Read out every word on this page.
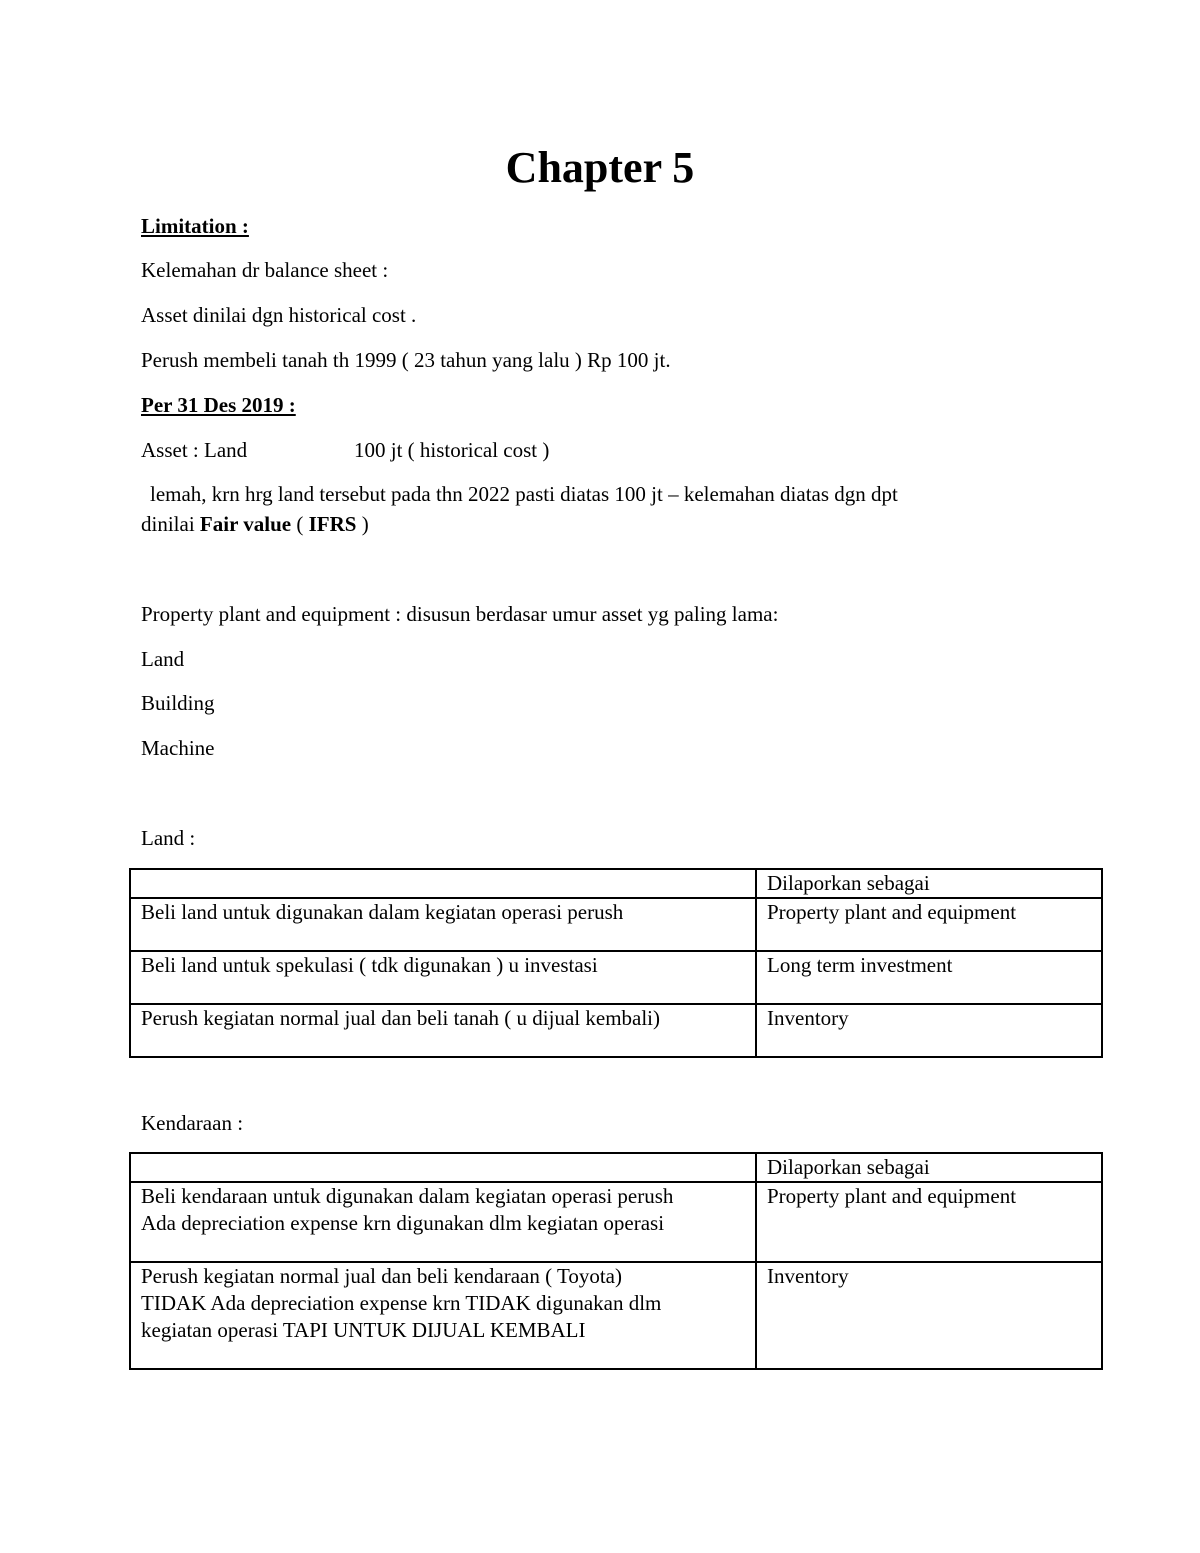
Chapter 5
Limitation :
Kelemahan dr balance sheet :
Asset dinilai dgn historical cost .
Perush membeli tanah th 1999 ( 23 tahun yang lalu ) Rp 100 jt.
Per 31 Des 2019 :
Asset : Land	100 jt ( historical cost )
lemah, krn hrg land tersebut pada thn 2022 pasti diatas 100 jt – kelemahan diatas dgn dpt
dinilai Fair value ( IFRS )
Property plant and equipment : disusun berdasar umur asset yg paling lama:
Land
Building
Machine
Land :
	Dilaporkan sebagai
Beli land untuk digunakan dalam kegiatan operasi perush	Property plant and equipment
Beli land untuk spekulasi ( tdk digunakan ) u investasi	Long term investment
Perush kegiatan normal jual dan beli tanah ( u dijual kembali)	Inventory
Kendaraan :
	Dilaporkan sebagai

Beli kendaraan untuk digunakan dalam kegiatan operasi perush
Ada depreciation expense krn digunakan dlm kegiatan operasi	Property plant and equipment

Perush kegiatan normal jual dan beli kendaraan ( Toyota)
TIDAK Ada depreciation expense krn TIDAK digunakan dlm
kegiatan operasi TAPI UNTUK DIJUAL KEMBALI	Inventory
